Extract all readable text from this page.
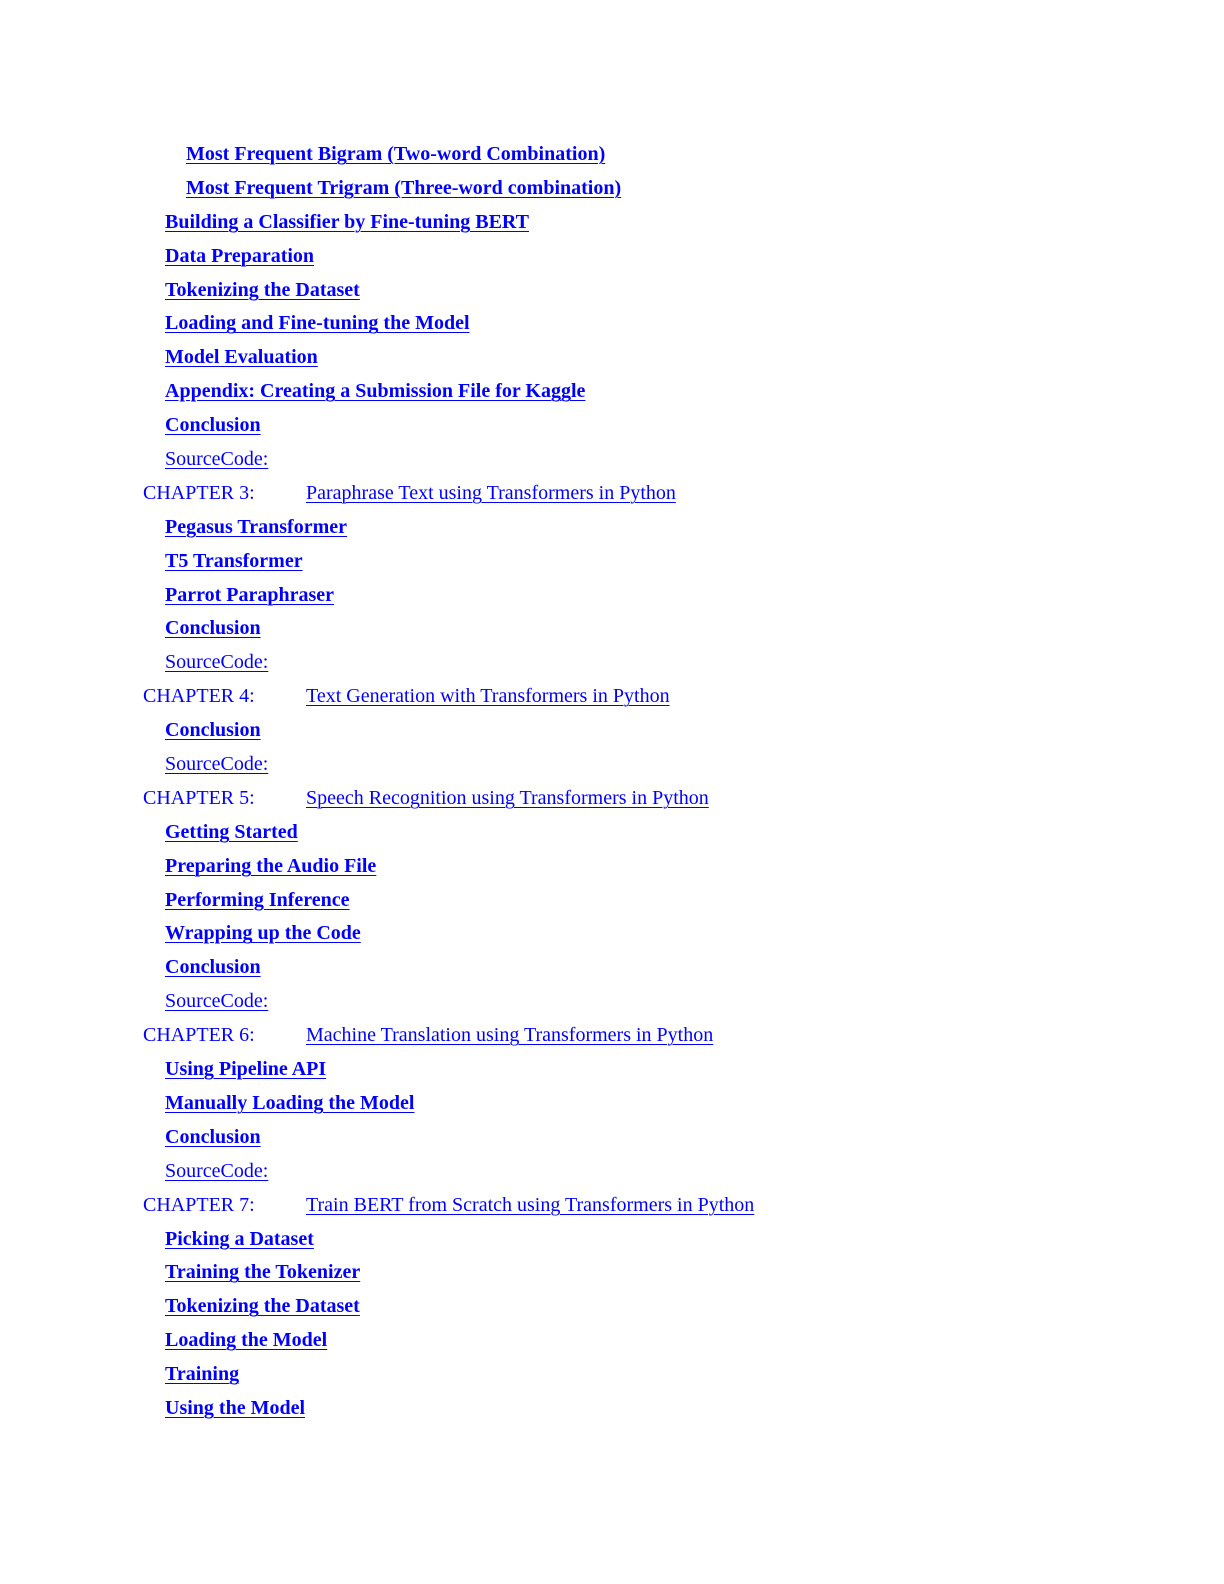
Most Frequent Bigram (Two-word Combination)
Most Frequent Trigram (Three-word combination)
Building a Classifier by Fine-tuning BERT
Data Preparation
Tokenizing the Dataset
Loading and Fine-tuning the Model
Model Evaluation
Appendix: Creating a Submission File for Kaggle
Conclusion
SourceCode:
CHAPTER 3:	Paraphrase Text using Transformers in Python
Pegasus Transformer
T5 Transformer
Parrot Paraphraser
Conclusion
SourceCode:
CHAPTER 4:	Text Generation with Transformers in Python
Conclusion
SourceCode:
CHAPTER 5:	Speech Recognition using Transformers in Python
Getting Started
Preparing the Audio File
Performing Inference
Wrapping up the Code
Conclusion
SourceCode:
CHAPTER 6:	Machine Translation using Transformers in Python
Using Pipeline API
Manually Loading the Model
Conclusion
SourceCode:
CHAPTER 7:	Train BERT from Scratch using Transformers in Python
Picking a Dataset
Training the Tokenizer
Tokenizing the Dataset
Loading the Model
Training
Using the Model
